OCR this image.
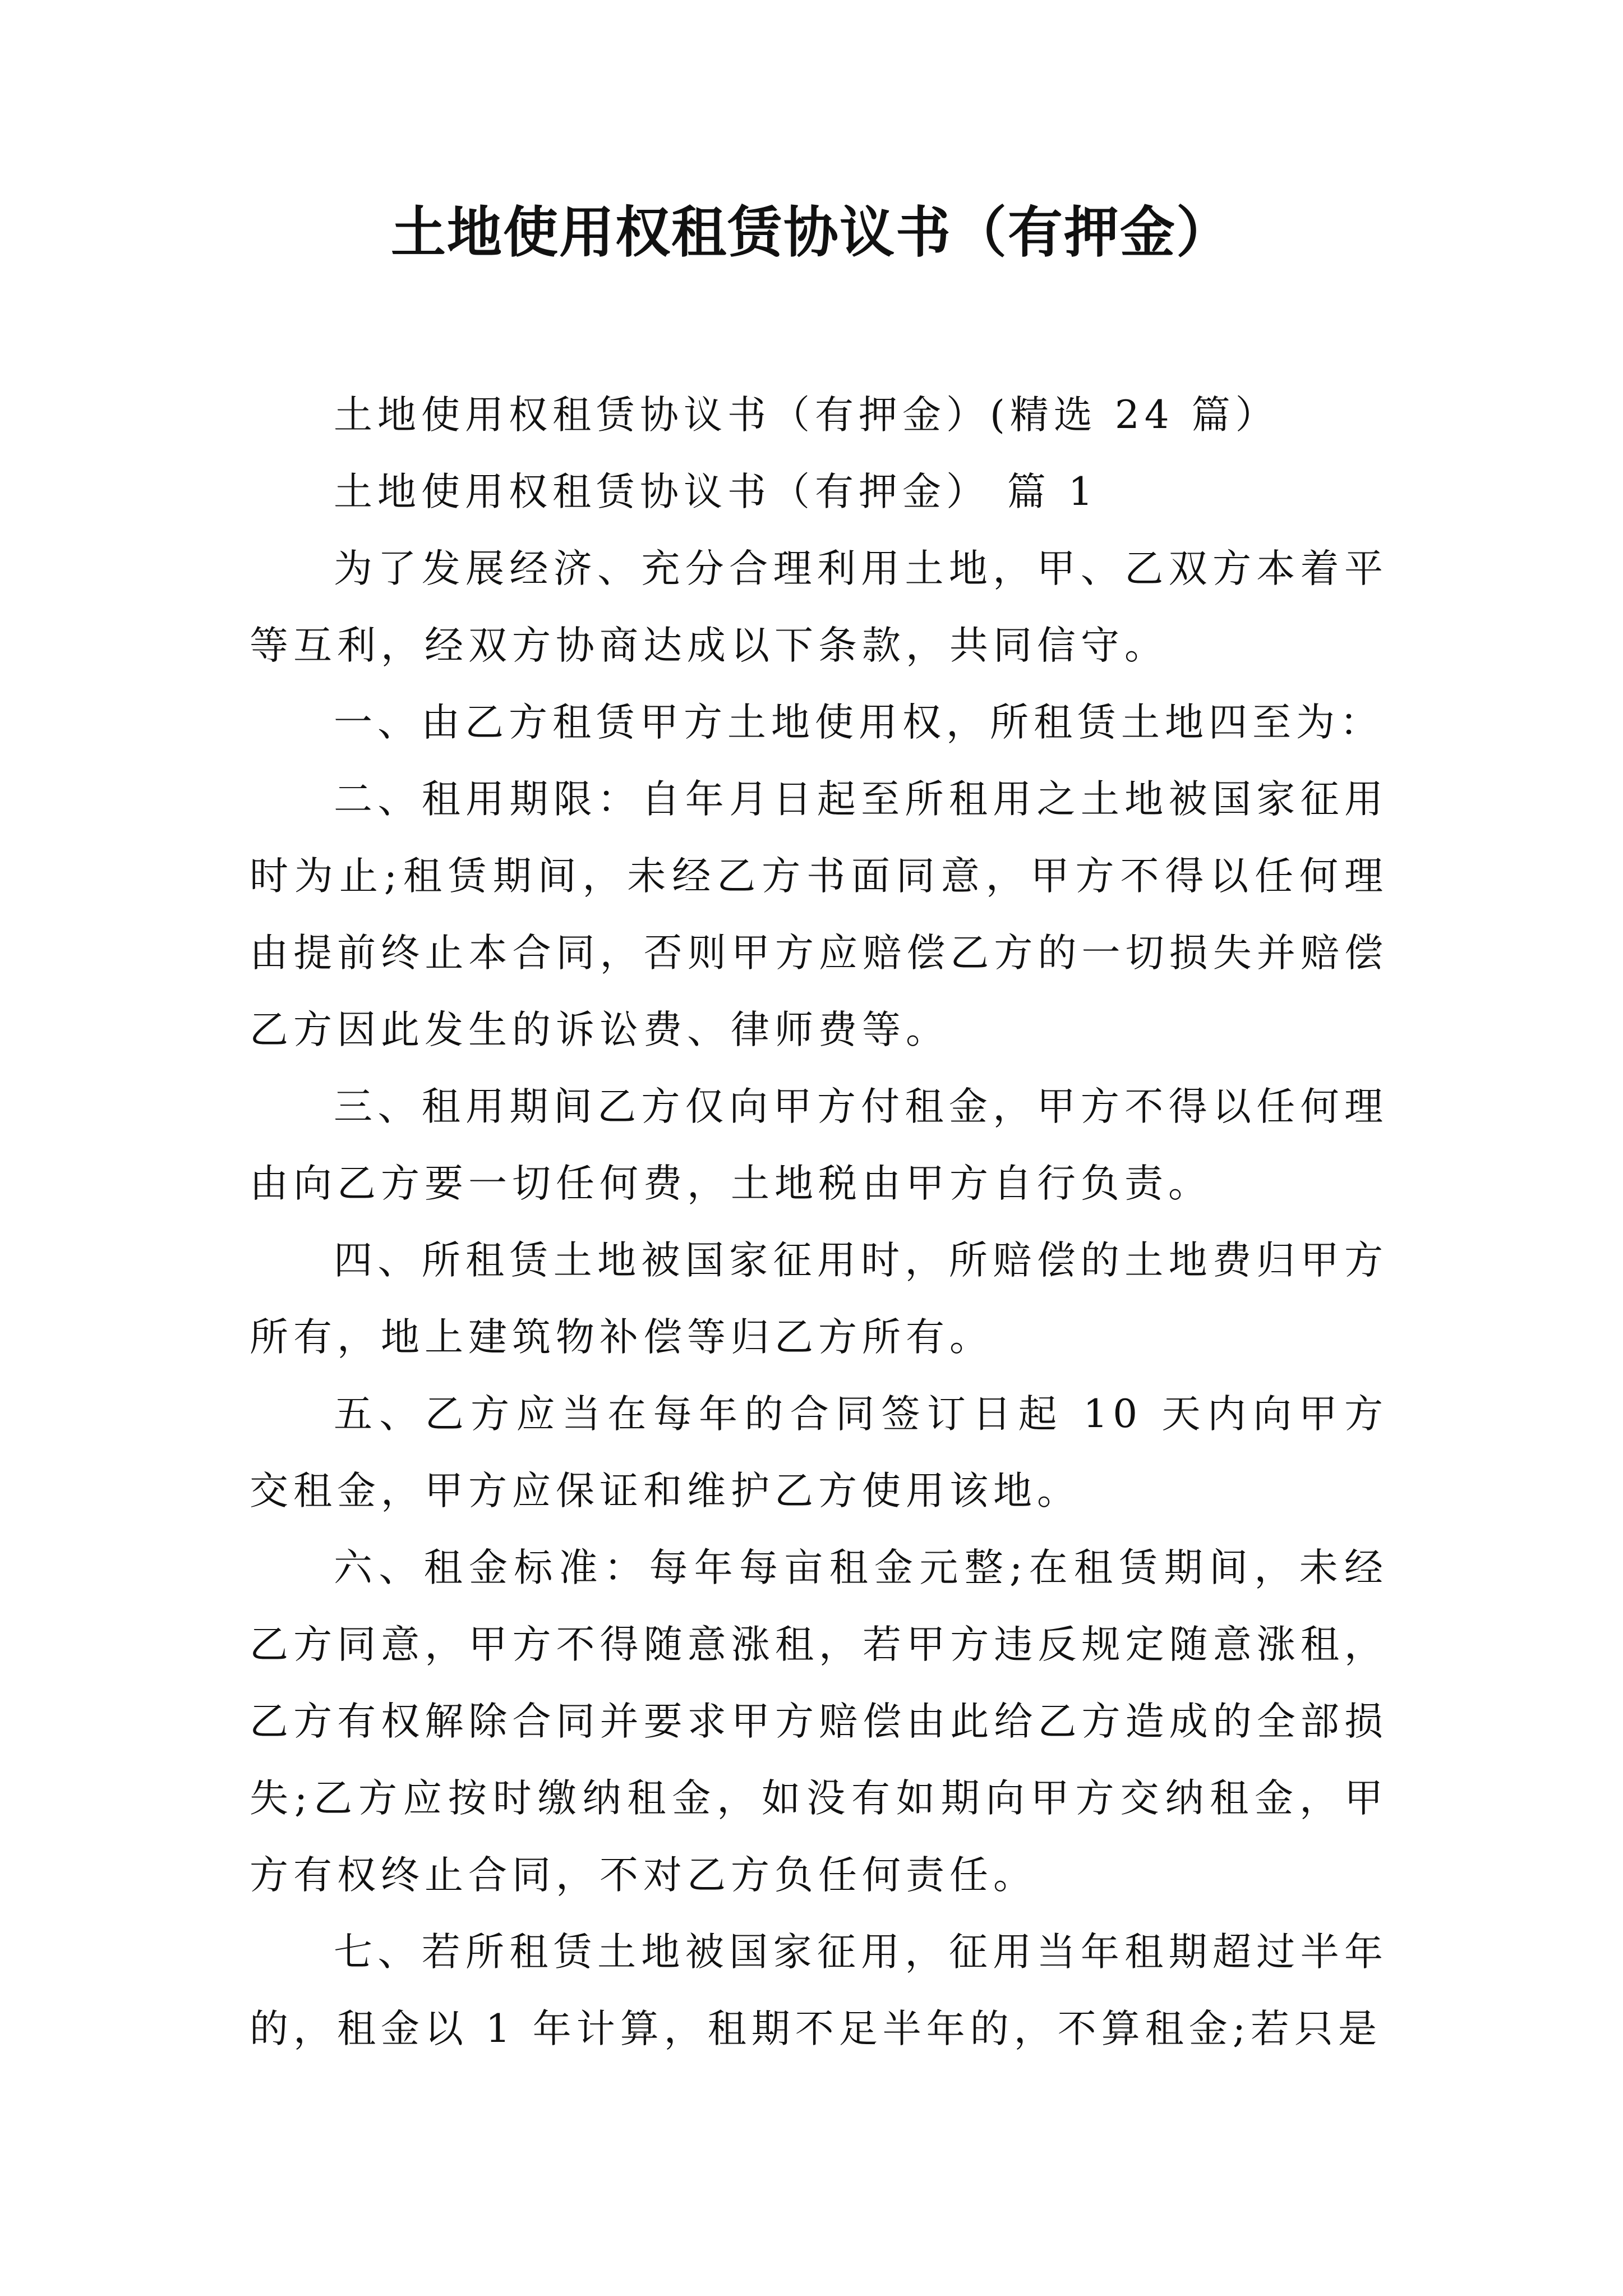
土地使用权租赁协议书（有押金）

土地使用权租赁协议书（有押金）(精选 24 篇）

土地使用权租赁协议书（有押金） 篇 1

为了发展经济、充分合理利用土地，甲、乙双方本着平等互利，经双方协商达成以下条款，共同信守。

一、由乙方租赁甲方土地使用权，所租赁土地四至为：

二、租用期限：自年月日起至所租用之土地被国家征用时为止;租赁期间，未经乙方书面同意，甲方不得以任何理由提前终止本合同，否则甲方应赔偿乙方的一切损失并赔偿乙方因此发生的诉讼费、律师费等。

三、租用期间乙方仅向甲方付租金，甲方不得以任何理由向乙方要一切任何费，土地税由甲方自行负责。

四、所租赁土地被国家征用时，所赔偿的土地费归甲方所有，地上建筑物补偿等归乙方所有。

五、乙方应当在每年的合同签订日起 10 天内向甲方交租金，甲方应保证和维护乙方使用该地。

六、租金标准：每年每亩租金元整;在租赁期间，未经乙方同意，甲方不得随意涨租，若甲方违反规定随意涨租，乙方有权解除合同并要求甲方赔偿由此给乙方造成的全部损失;乙方应按时缴纳租金，如没有如期向甲方交纳租金，甲方有权终止合同，不对乙方负任何责任。

七、若所租赁土地被国家征用，征用当年租期超过半年的，租金以 1 年计算，租期不足半年的，不算租金;若只是
